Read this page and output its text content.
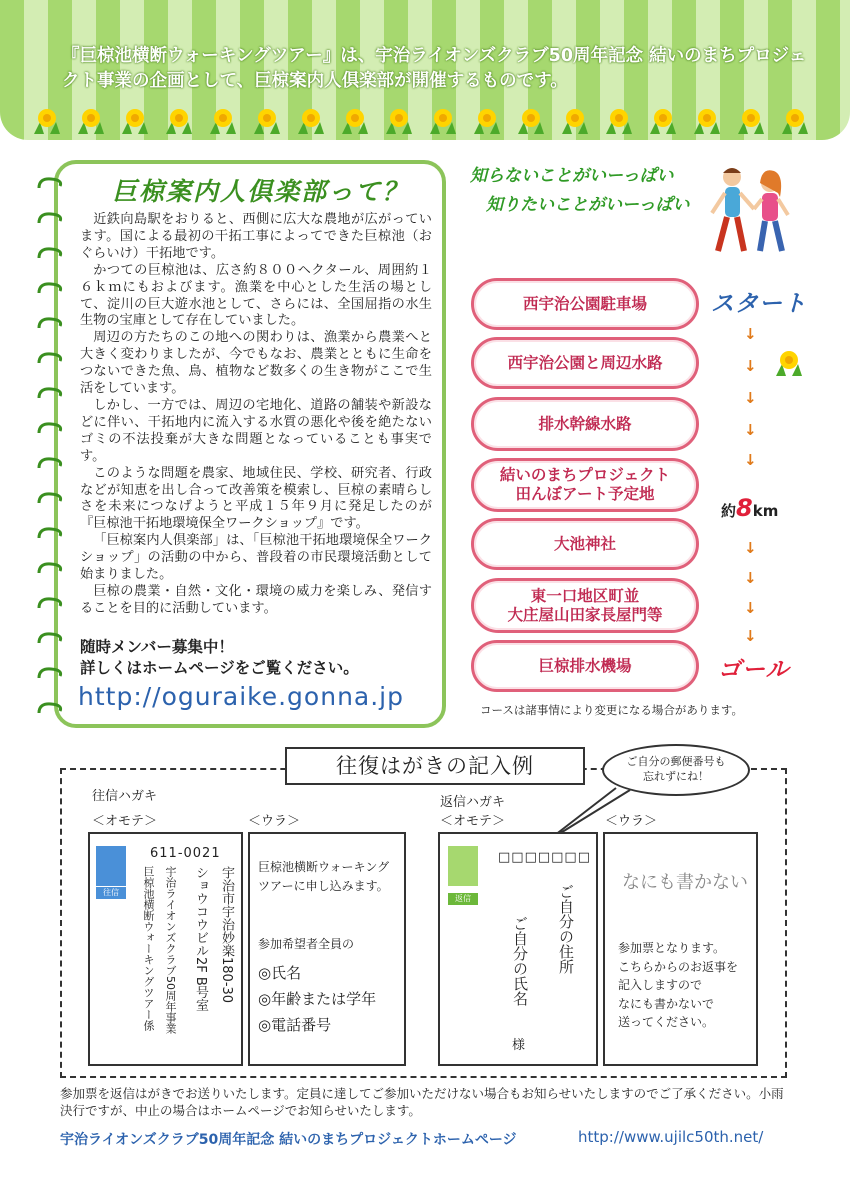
『巨椋池横断ウォーキングツアー』は、宇治ライオンズクラブ50周年記念 結いのまちプロジェクト事業の企画として、巨椋案内人倶楽部が開催するものです。
巨椋案内人倶楽部って？

近鉄向島駅をおりると、西側に広大な農地が広がっています。国による最初の干拓工事によってできた巨椋池（おぐらいけ）干拓地です。

かつての巨椋池は、広さ約８００ヘクタール、周囲約１６ｋｍにもおよびます。漁業を中心とした生活の場として、淀川の巨大遊水池として、さらには、全国屈指の水生生物の宝庫として存在していました。

周辺の方たちのこの地への関わりは、漁業から農業へと大きく変わりましたが、今でもなお、農業とともに生命をつないできた魚、鳥、植物など数多くの生き物がここで生活をしています。

しかし、一方では、周辺の宅地化、道路の舗装や新設などに伴い、干拓地内に流入する水質の悪化や後を絶たないゴミの不法投棄が大きな問題となっていることも事実です。

このような問題を農家、地域住民、学校、研究者、行政などが知恵を出し合って改善策を模索し、巨椋の素晴らしさを未来につなげようと平成１５年９月に発足したのが『巨椋池干拓地環境保全ワークショップ』です。

「巨椋案内人倶楽部」は、「巨椋池干拓地環境保全ワークショップ」の活動の中から、普段着の市民環境活動として始まりました。

巨椋の農業・自然・文化・環境の威力を楽しみ、発信することを目的に活動しています。

随時メンバー募集中！
詳しくはホームページをご覧ください。
http://oguraike.gonna.jp
知らないことがいーっぱい
知りたいことがいーっぱい
西宇治公園駐車場
西宇治公園と周辺水路
排水幹線水路
結いのまちプロジェクト
田んぼアート予定地
大池神社
東一口地区町並
大庄屋山田家長屋門等
巨椋排水機場
スタート
ゴール
約8km
↓
↓
↓
↓
↓
↓
↓
↓
↓
コースは諸事情により変更になる場合があります。
往復はがきの記入例	ご自分の郵便番号も
忘れずにね！
往信ハガキ	返信ハガキ
＜オモテ＞	＜ウラ＞	＜オモテ＞	＜ウラ＞
往信
611-0021
宇治市宇治妙楽180-30
ショウコウビル2F B号室
宇治ライオンズクラブ50周年事業
巨椋池横断ウォーキングツアー係	巨椋池横断ウォーキングツアーに申し込みます。
参加希望者全員の
◎氏名
◎年齢または学年
◎電話番号
返信
□□□□□□□
ご自分の住所
ご自分の氏名
様
なにも書かない
参加票となります。
こちらからのお返事を
記入しますので
なにも書かないで
送ってください。
参加票を返信はがきでお送りいたします。定員に達してご参加いただけない場合もお知らせいたしますのでご了承ください。小雨決行ですが、中止の場合はホームページでお知らせいたします。
宇治ライオンズクラブ50周年記念 結いのまちプロジェクトホームページ	http://www.ujilc50th.net/
